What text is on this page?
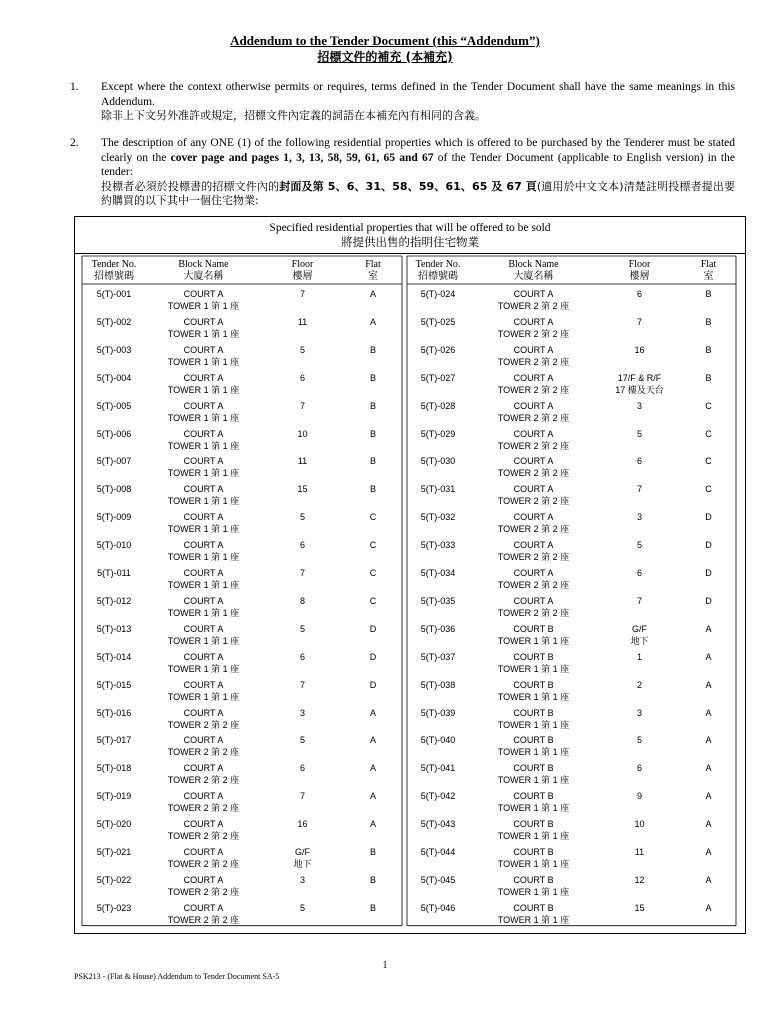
Addendum to the Tender Document (this “Addendum”)
招標文件的補充 (本補充)
1. Except where the context otherwise permits or requires, terms defined in the Tender Document shall have the same meanings in this Addendum.
除非上下文另外准許或規定，招標文件內定義的詞語在本補充內有相同的含義。
2. The description of any ONE (1) of the following residential properties which is offered to be purchased by the Tenderer must be stated clearly on the cover page and pages 1, 3, 13, 58, 59, 61, 65 and 67 of the Tender Document (applicable to English version) in the tender:
投標者必須於投標書的招標文件內的封面及第 5、6、31、58、59、61、65 及 67 頁(適用於中文文本)清楚註明投標者提出要約購買的以下其中一個住宅物業:
Specified residential properties that will be offered to be sold
將提供出售的指明住宅物業
Tender No.
招標號碼
Block Name
大廈名稱
Floor
樓層
Flat
室
5(T)-001	COURT A
TOWER 1 第 1 座
7	A
5(T)-002	COURT A
TOWER 1 第 1 座
11	A
5(T)-003	COURT A
TOWER 1 第 1 座
5	B
5(T)-004	COURT A
TOWER 1 第 1 座
6	B
5(T)-005	COURT A
TOWER 1 第 1 座
7	B
5(T)-006	COURT A
TOWER 1 第 1 座
10	B
5(T)-007	COURT A
TOWER 1 第 1 座
11	B
5(T)-008	COURT A
TOWER 1 第 1 座
15	B
5(T)-009	COURT A
TOWER 1 第 1 座
5	C
5(T)-010	COURT A
TOWER 1 第 1 座
6	C
5(T)-011	COURT A
TOWER 1 第 1 座
7	C
5(T)-012	COURT A
TOWER 1 第 1 座
8	C
5(T)-013	COURT A
TOWER 1 第 1 座
5	D
5(T)-014	COURT A
TOWER 1 第 1 座
6	D
5(T)-015	COURT A
TOWER 1 第 1 座
7	D
5(T)-016	COURT A
TOWER 2 第 2 座
3	A
5(T)-017	COURT A
TOWER 2 第 2 座
5	A
5(T)-018	COURT A
TOWER 2 第 2 座
6	A
5(T)-019	COURT A
TOWER 2 第 2 座
7	A
5(T)-020	COURT A
TOWER 2 第 2 座
16	A
5(T)-021	COURT A
TOWER 2 第 2 座
G/F
地下
B
5(T)-022	COURT A
TOWER 2 第 2 座
3	B
5(T)-023	COURT A
TOWER 2 第 2 座
5	B
Tender No.
招標號碼
Block Name
大廈名稱
Floor
樓層
Flat
室
5(T)-024	COURT A
TOWER 2 第 2 座
6	B
5(T)-025	COURT A
TOWER 2 第 2 座
7	B
5(T)-026	COURT A
TOWER 2 第 2 座
16	B
5(T)-027	COURT A
TOWER 2 第 2 座
17/F & R/F
17 樓及天台
B
5(T)-028	COURT A
TOWER 2 第 2 座
3	C
5(T)-029	COURT A
TOWER 2 第 2 座
5	C
5(T)-030	COURT A
TOWER 2 第 2 座
6	C
5(T)-031	COURT A
TOWER 2 第 2 座
7	C
5(T)-032	COURT A
TOWER 2 第 2 座
3	D
5(T)-033	COURT A
TOWER 2 第 2 座
5	D
5(T)-034	COURT A
TOWER 2 第 2 座
6	D
5(T)-035	COURT A
TOWER 2 第 2 座
7	D
5(T)-036	COURT B
TOWER 1 第 1 座
G/F
地下
A
5(T)-037	COURT B
TOWER 1 第 1 座
1	A
5(T)-038	COURT B
TOWER 1 第 1 座
2	A
5(T)-039	COURT B
TOWER 1 第 1 座
3	A
5(T)-040	COURT B
TOWER 1 第 1 座
5	A
5(T)-041	COURT B
TOWER 1 第 1 座
6	A
5(T)-042	COURT B
TOWER 1 第 1 座
9	A
5(T)-043	COURT B
TOWER 1 第 1 座
10	A
5(T)-044	COURT B
TOWER 1 第 1 座
11	A
5(T)-045	COURT B
TOWER 1 第 1 座
12	A
5(T)-046	COURT B
TOWER 1 第 1 座
15	A
1
PSK213 - (Flat & House) Addendum to Tender Document SA-5
